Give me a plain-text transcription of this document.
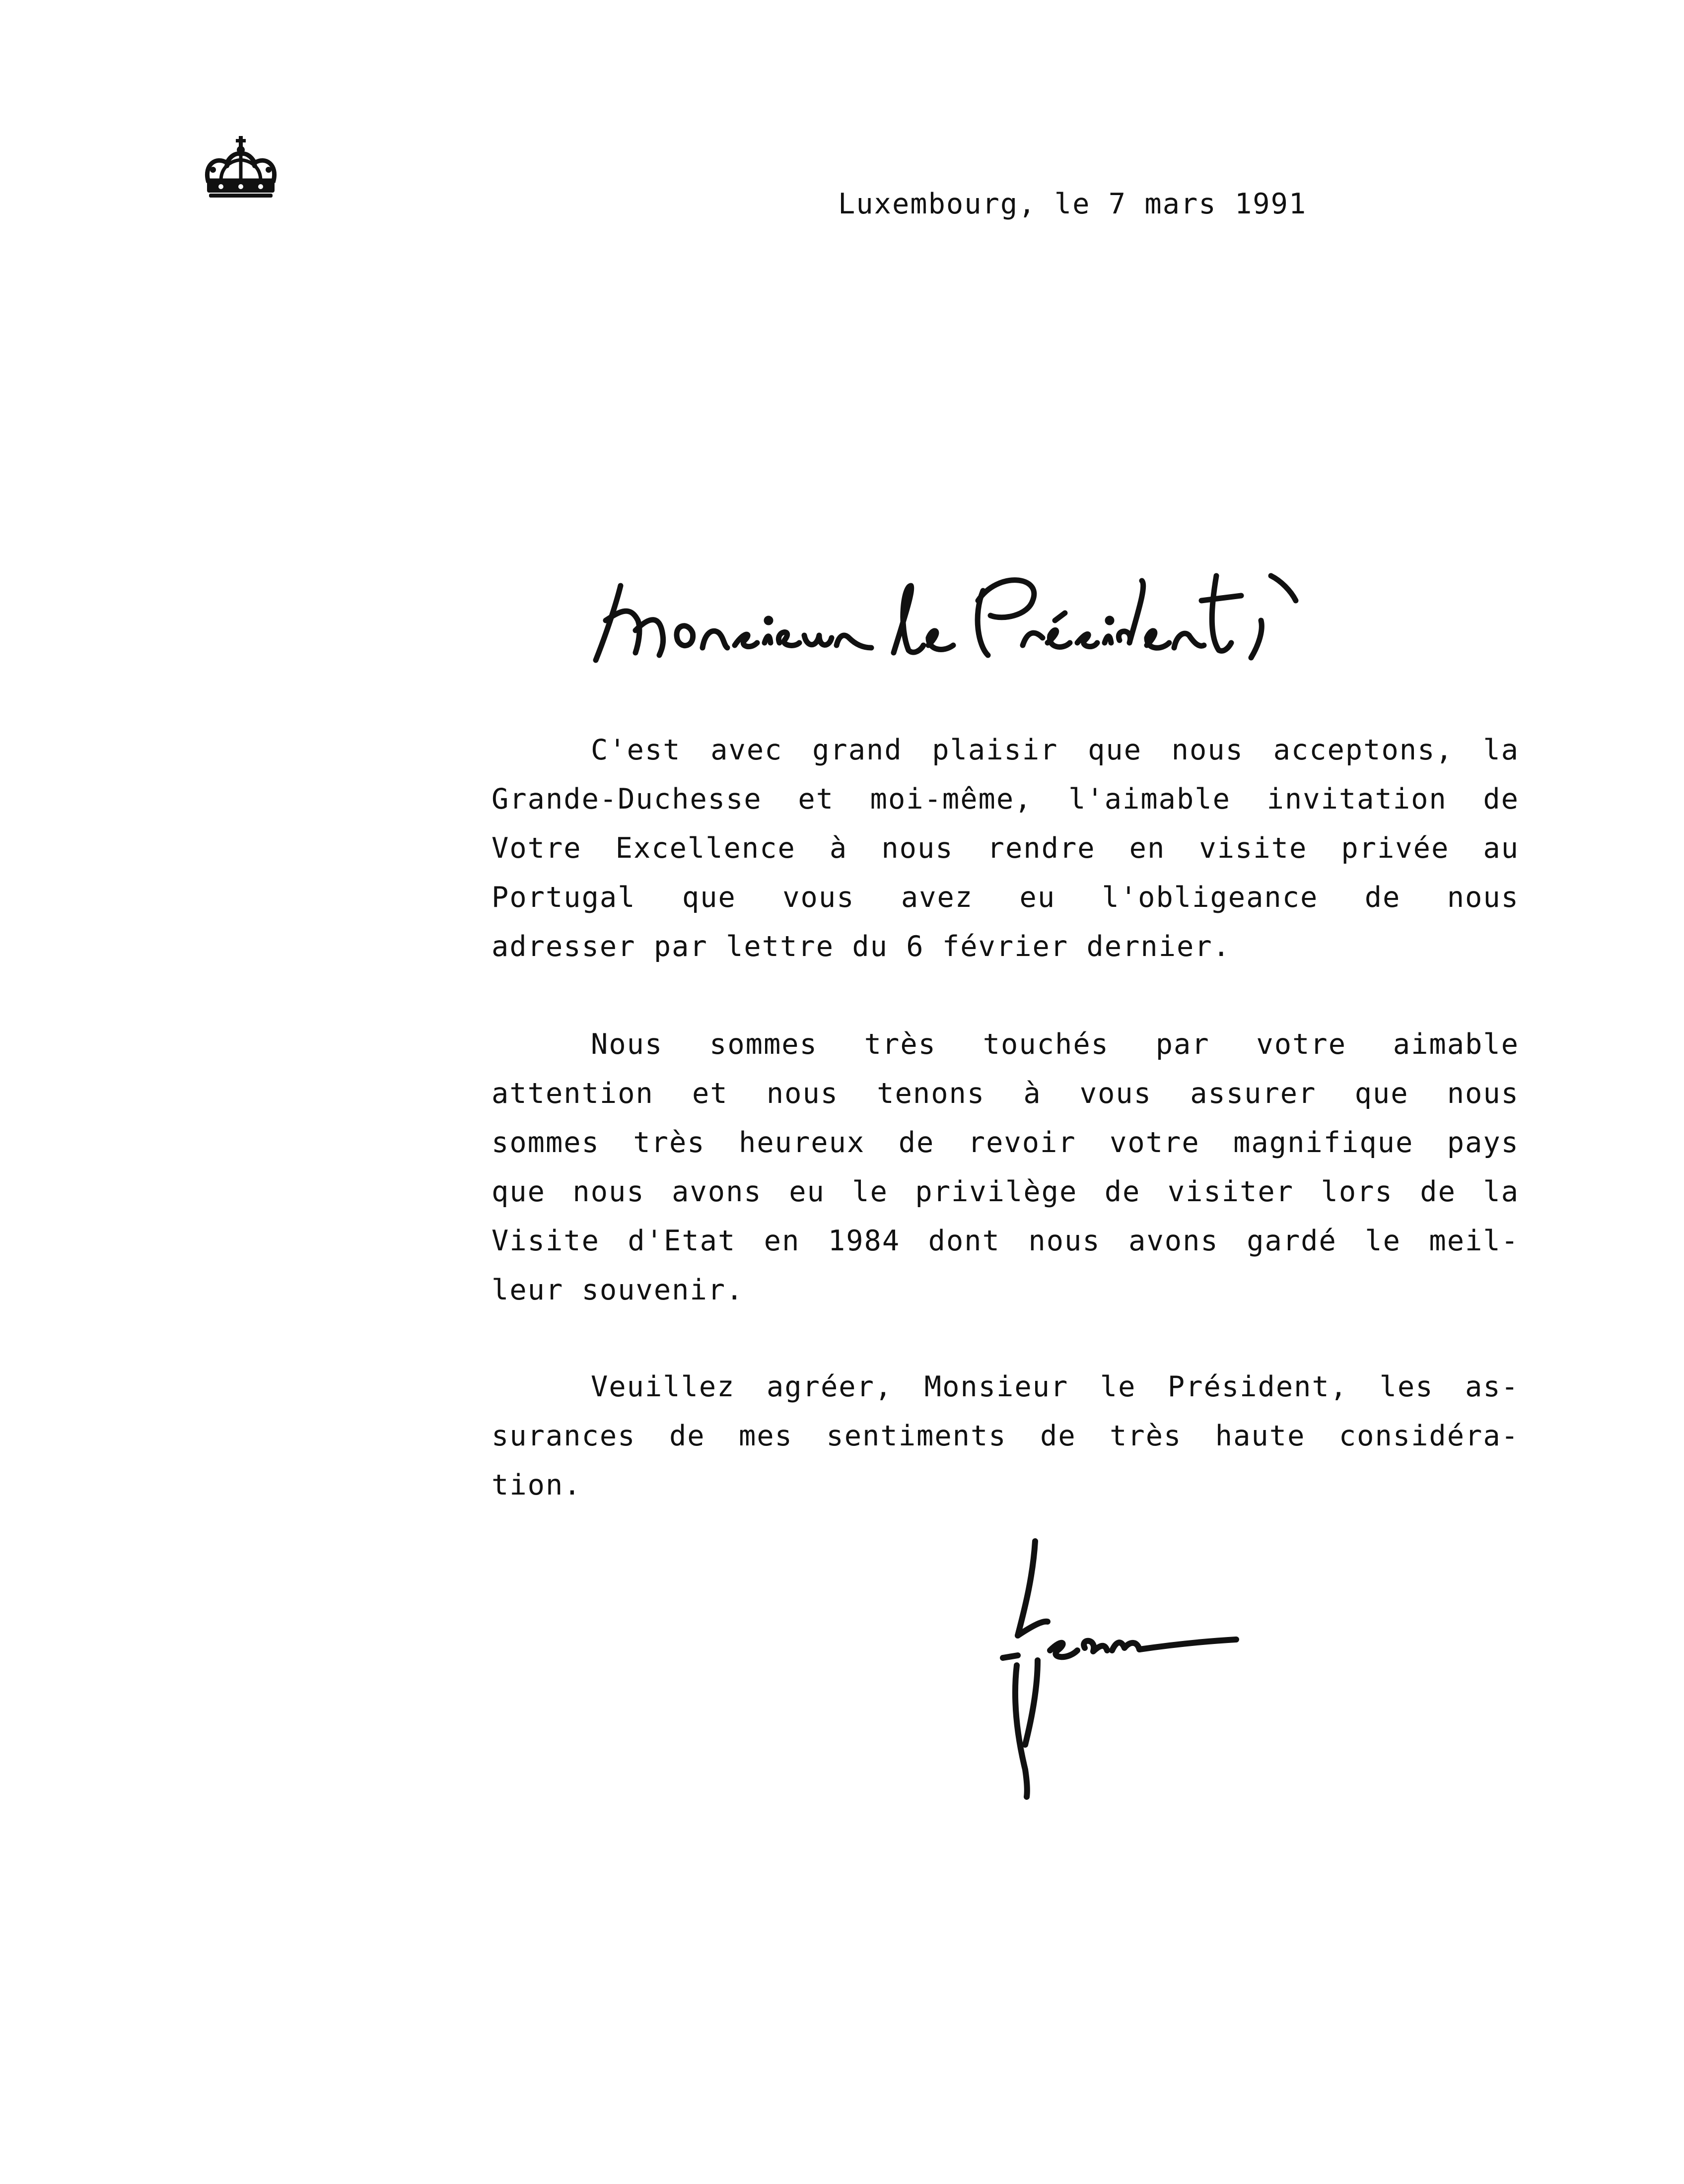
Luxembourg, le 7 mars 1991
C'est avec grand plaisir que nous acceptons, la
Grande-Duchesse et moi-même, l'aimable invitation de
Votre Excellence à nous rendre en visite privée au
Portugal que vous avez eu l'obligeance de nous
adresser par lettre du 6 février dernier.
Nous sommes très touchés par votre aimable
attention et nous tenons à vous assurer que nous
sommes très heureux de revoir votre magnifique pays
que nous avons eu le privilège de visiter lors de la
Visite d'Etat en 1984 dont nous avons gardé le meil-
leur souvenir.
Veuillez agréer, Monsieur le Président, les as-
surances de mes sentiments de très haute considéra-
tion.
